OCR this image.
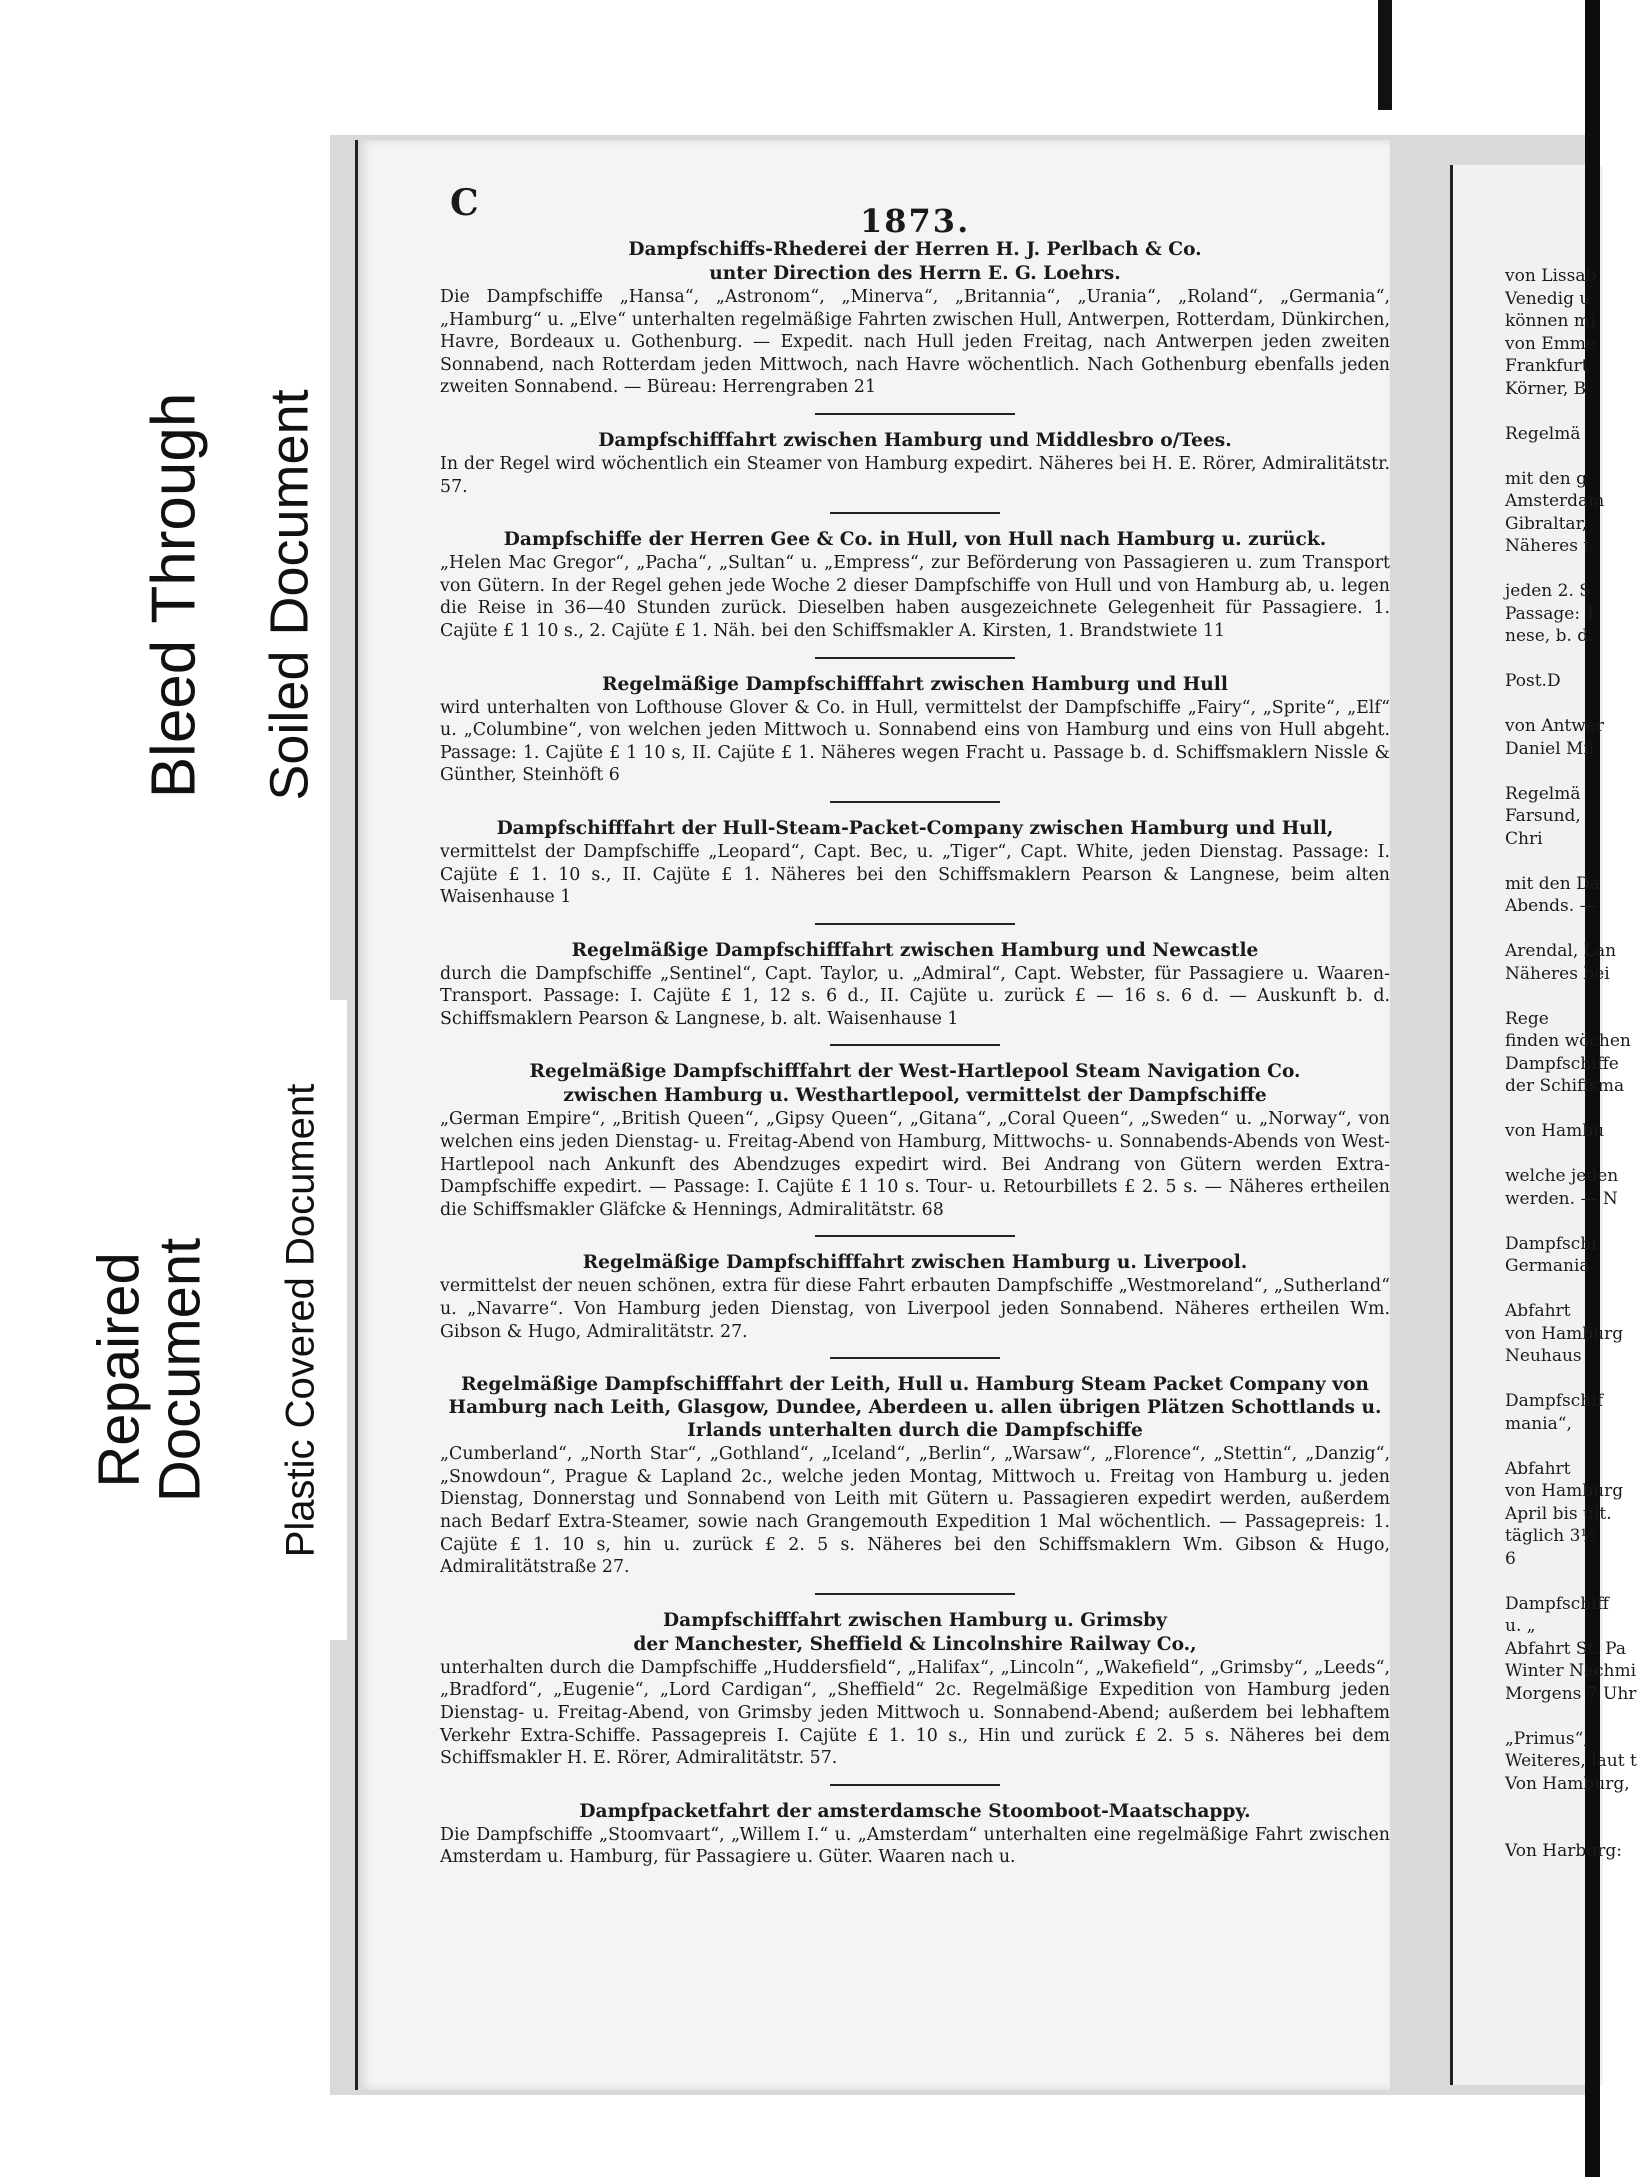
Bleed Through Soiled Document
Repaired
Document Plastic Covered Document
C	1873.
Dampfschiffs-Rhederei der Herren H. J. Perlbach & Co.
unter Direction des Herrn E. G. Loehrs.

Die Dampfschiffe „Hansa“, „Astronom“, „Minerva“, „Britannia“, „Urania“, „Roland“, „Germania“, „Hamburg“ u. „Elve“ unterhalten regelmäßige Fahrten zwischen Hull, Antwerpen, Rotterdam, Dünkirchen, Havre, Bordeaux u. Gothenburg. — Expedit. nach Hull jeden Freitag, nach Antwerpen jeden zweiten Sonnabend, nach Rotterdam jeden Mittwoch, nach Havre wöchentlich. Nach Gothenburg ebenfalls jeden zweiten Sonnabend. — Büreau: Herrengraben 21

Dampfschifffahrt zwischen Hamburg und Middlesbro o/Tees.

In der Regel wird wöchentlich ein Steamer von Hamburg expedirt. Näheres bei H. E. Rörer, Admiralitätstr. 57.

Dampfschiffe der Herren Gee & Co. in Hull, von Hull nach Hamburg u. zurück.

„Helen Mac Gregor“, „Pacha“, „Sultan“ u. „Empress“, zur Beförderung von Passagieren u. zum Transport von Gütern. In der Regel gehen jede Woche 2 dieser Dampfschiffe von Hull und von Hamburg ab, u. legen die Reise in 36—40 Stunden zurück. Dieselben haben ausgezeichnete Gelegenheit für Passagiere. 1. Cajüte £ 1 10 s., 2. Cajüte £ 1. Näh. bei den Schiffsmakler A. Kirsten, 1. Brandstwiete 11

Regelmäßige Dampfschifffahrt zwischen Hamburg und Hull

wird unterhalten von Lofthouse Glover & Co. in Hull, vermittelst der Dampfschiffe „Fairy“, „Sprite“, „Elf“ u. „Columbine“, von welchen jeden Mittwoch u. Sonnabend eins von Hamburg und eins von Hull abgeht. Passage: 1. Cajüte £ 1 10 s, II. Cajüte £ 1. Näheres wegen Fracht u. Passage b. d. Schiffsmaklern Nissle & Günther, Steinhöft 6

Dampfschifffahrt der Hull-Steam-Packet-Company zwischen Hamburg und Hull,

vermittelst der Dampfschiffe „Leopard“, Capt. Bec, u. „Tiger“, Capt. White, jeden Dienstag. Passage: I. Cajüte £ 1. 10 s., II. Cajüte £ 1. Näheres bei den Schiffsmaklern Pearson & Langnese, beim alten Waisenhause 1

Regelmäßige Dampfschifffahrt zwischen Hamburg und Newcastle

durch die Dampfschiffe „Sentinel“, Capt. Taylor, u. „Admiral“, Capt. Webster, für Passagiere u. Waaren-Transport. Passage: I. Cajüte £ 1, 12 s. 6 d., II. Cajüte u. zurück £ — 16 s. 6 d. — Auskunft b. d. Schiffsmaklern Pearson & Langnese, b. alt. Waisenhause 1

Regelmäßige Dampfschifffahrt der West-Hartlepool Steam Navigation Co.
zwischen Hamburg u. Westhartlepool, vermittelst der Dampfschiffe

„German Empire“, „British Queen“, „Gipsy Queen“, „Gitana“, „Coral Queen“, „Sweden“ u. „Norway“, von welchen eins jeden Dienstag- u. Freitag-Abend von Hamburg, Mittwochs- u. Sonnabends-Abends von West-Hartlepool nach Ankunft des Abendzuges expedirt wird. Bei Andrang von Gütern werden Extra-Dampfschiffe expedirt. — Passage: I. Cajüte £ 1 10 s. Tour- u. Retourbillets £ 2. 5 s. — Näheres ertheilen die Schiffsmakler Gläfcke & Hennings, Admiralitätstr. 68

Regelmäßige Dampfschifffahrt zwischen Hamburg u. Liverpool.

vermittelst der neuen schönen, extra für diese Fahrt erbauten Dampfschiffe „Westmoreland“, „Sutherland“ u. „Navarre“. Von Hamburg jeden Dienstag, von Liverpool jeden Sonnabend. Näheres ertheilen Wm. Gibson & Hugo, Admiralitätstr. 27.

Regelmäßige Dampfschifffahrt der Leith, Hull u. Hamburg Steam Packet Company von Hamburg nach Leith, Glasgow, Dundee, Aberdeen u. allen übrigen Plätzen Schottlands u. Irlands unterhalten durch die Dampfschiffe

„Cumberland“, „North Star“, „Gothland“, „Iceland“, „Berlin“, „Warsaw“, „Florence“, „Stettin“, „Danzig“, „Snowdoun“, Prague & Lapland 2c., welche jeden Montag, Mittwoch u. Freitag von Hamburg u. jeden Dienstag, Donnerstag und Sonnabend von Leith mit Gütern u. Passagieren expedirt werden, außerdem nach Bedarf Extra-Steamer, sowie nach Grangemouth Expedition 1 Mal wöchentlich. — Passagepreis: 1. Cajüte £ 1. 10 s, hin u. zurück £ 2. 5 s. Näheres bei den Schiffsmaklern Wm. Gibson & Hugo, Admiralitätstraße 27.

Dampfschifffahrt zwischen Hamburg u. Grimsby
der Manchester, Sheffield & Lincolnshire Railway Co.,

unterhalten durch die Dampfschiffe „Huddersfield“, „Halifax“, „Lincoln“, „Wakefield“, „Grimsby“, „Leeds“, „Bradford“, „Eugenie“, „Lord Cardigan“, „Sheffield“ 2c. Regelmäßige Expedition von Hamburg jeden Dienstag- u. Freitag-Abend, von Grimsby jeden Mittwoch u. Sonnabend-Abend; außerdem bei lebhaftem Verkehr Extra-Schiffe. Passagepreis I. Cajüte £ 1. 10 s., Hin und zurück £ 2. 5 s. Näheres bei dem Schiffsmakler H. E. Rörer, Admiralitätstr. 57.

Dampfpacketfahrt der amsterdamsche Stoomboot-Maatschappy.

Die Dampfschiffe „Stoomvaart“, „Willem I.“ u. „Amsterdam“ unterhalten eine regelmäßige Fahrt zwischen Amsterdam u. Hamburg, für Passagiere u. Güter. Waaren nach u.

von Lissab
Venedig u
können mi
von Emme
Frankfurt
Körner, B

Regelmä

mit den g
Amsterdam
Gibraltar,
Näheres t

jeden 2. S
Passage: 1
nese, b. d.

Post.D

von Antwer
Daniel Mil

Regelmä
Farsund,
Chri

mit den Da
Abends. —

Arendal, Lan
Näheres bei

Rege
finden wöchen
Dampfschiffe
der Schiffsma

von Hambu

welche jeden
werden. — N

Dampfschi
Germania

Abfahrt
von Hamburg
Neuhaus

Dampfschif
mania“,

Abfahrt
von Hamburg
April bis ult.
täglich 3½
6

Dampfschiff
u. „
Abfahrt St. Pa
Winter Nachmi
Morgens 7 Uhr

„Primus“,
Weiteres, laut t
Von Hamburg,

Von Harburg:
